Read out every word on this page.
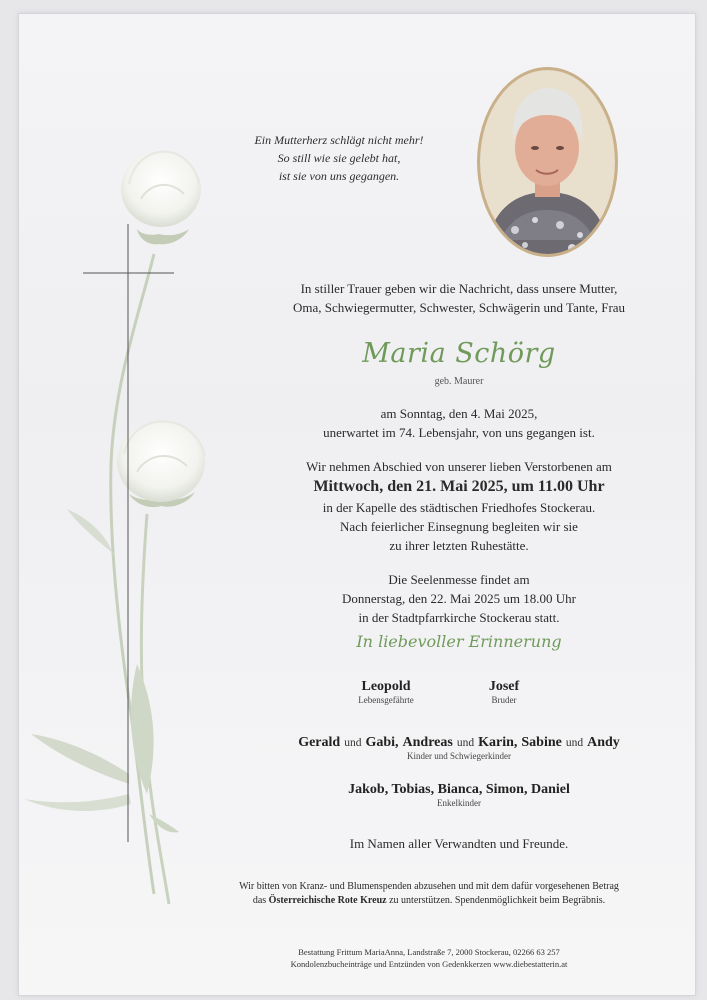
Ein Mutterherz schlägt nicht mehr!
So still wie sie gelebt hat,
ist sie von uns gegangen.
In stiller Trauer geben wir die Nachricht, dass unsere Mutter,
Oma, Schwiegermutter, Schwester, Schwägerin und Tante, Frau
Maria Schörg
geb. Maurer
am Sonntag, den 4. Mai 2025,
unerwartet im 74. Lebensjahr, von uns gegangen ist.
Wir nehmen Abschied von unserer lieben Verstorbenen am
Mittwoch, den 21. Mai 2025, um 11.00 Uhr
in der Kapelle des städtischen Friedhofes Stockerau.
Nach feierlicher Einsegnung begleiten wir sie
zu ihrer letzten Ruhestätte.
Die Seelenmesse findet am
Donnerstag, den 22. Mai 2025 um 18.00 Uhr
in der Stadtpfarrkirche Stockerau statt.
In liebevoller Erinnerung
Leopold
Lebensgefährte
Josef
Bruder
Gerald und Gabi, Andreas und Karin, Sabine und Andy
Kinder und Schwiegerkinder
Jakob, Tobias, Bianca, Simon, Daniel
Enkelkinder
Im Namen aller Verwandten und Freunde.
Wir bitten von Kranz- und Blumenspenden abzusehen und mit dem dafür vorgesehenen Betrag
das Österreichische Rote Kreuz zu unterstützen. Spendenmöglichkeit beim Begräbnis.
Bestattung Frittum MariaAnna, Landstraße 7, 2000 Stockerau, 02266 63 257
Kondolenzbucheinträge und Entzünden von Gedenkkerzen www.diebestatterin.at
